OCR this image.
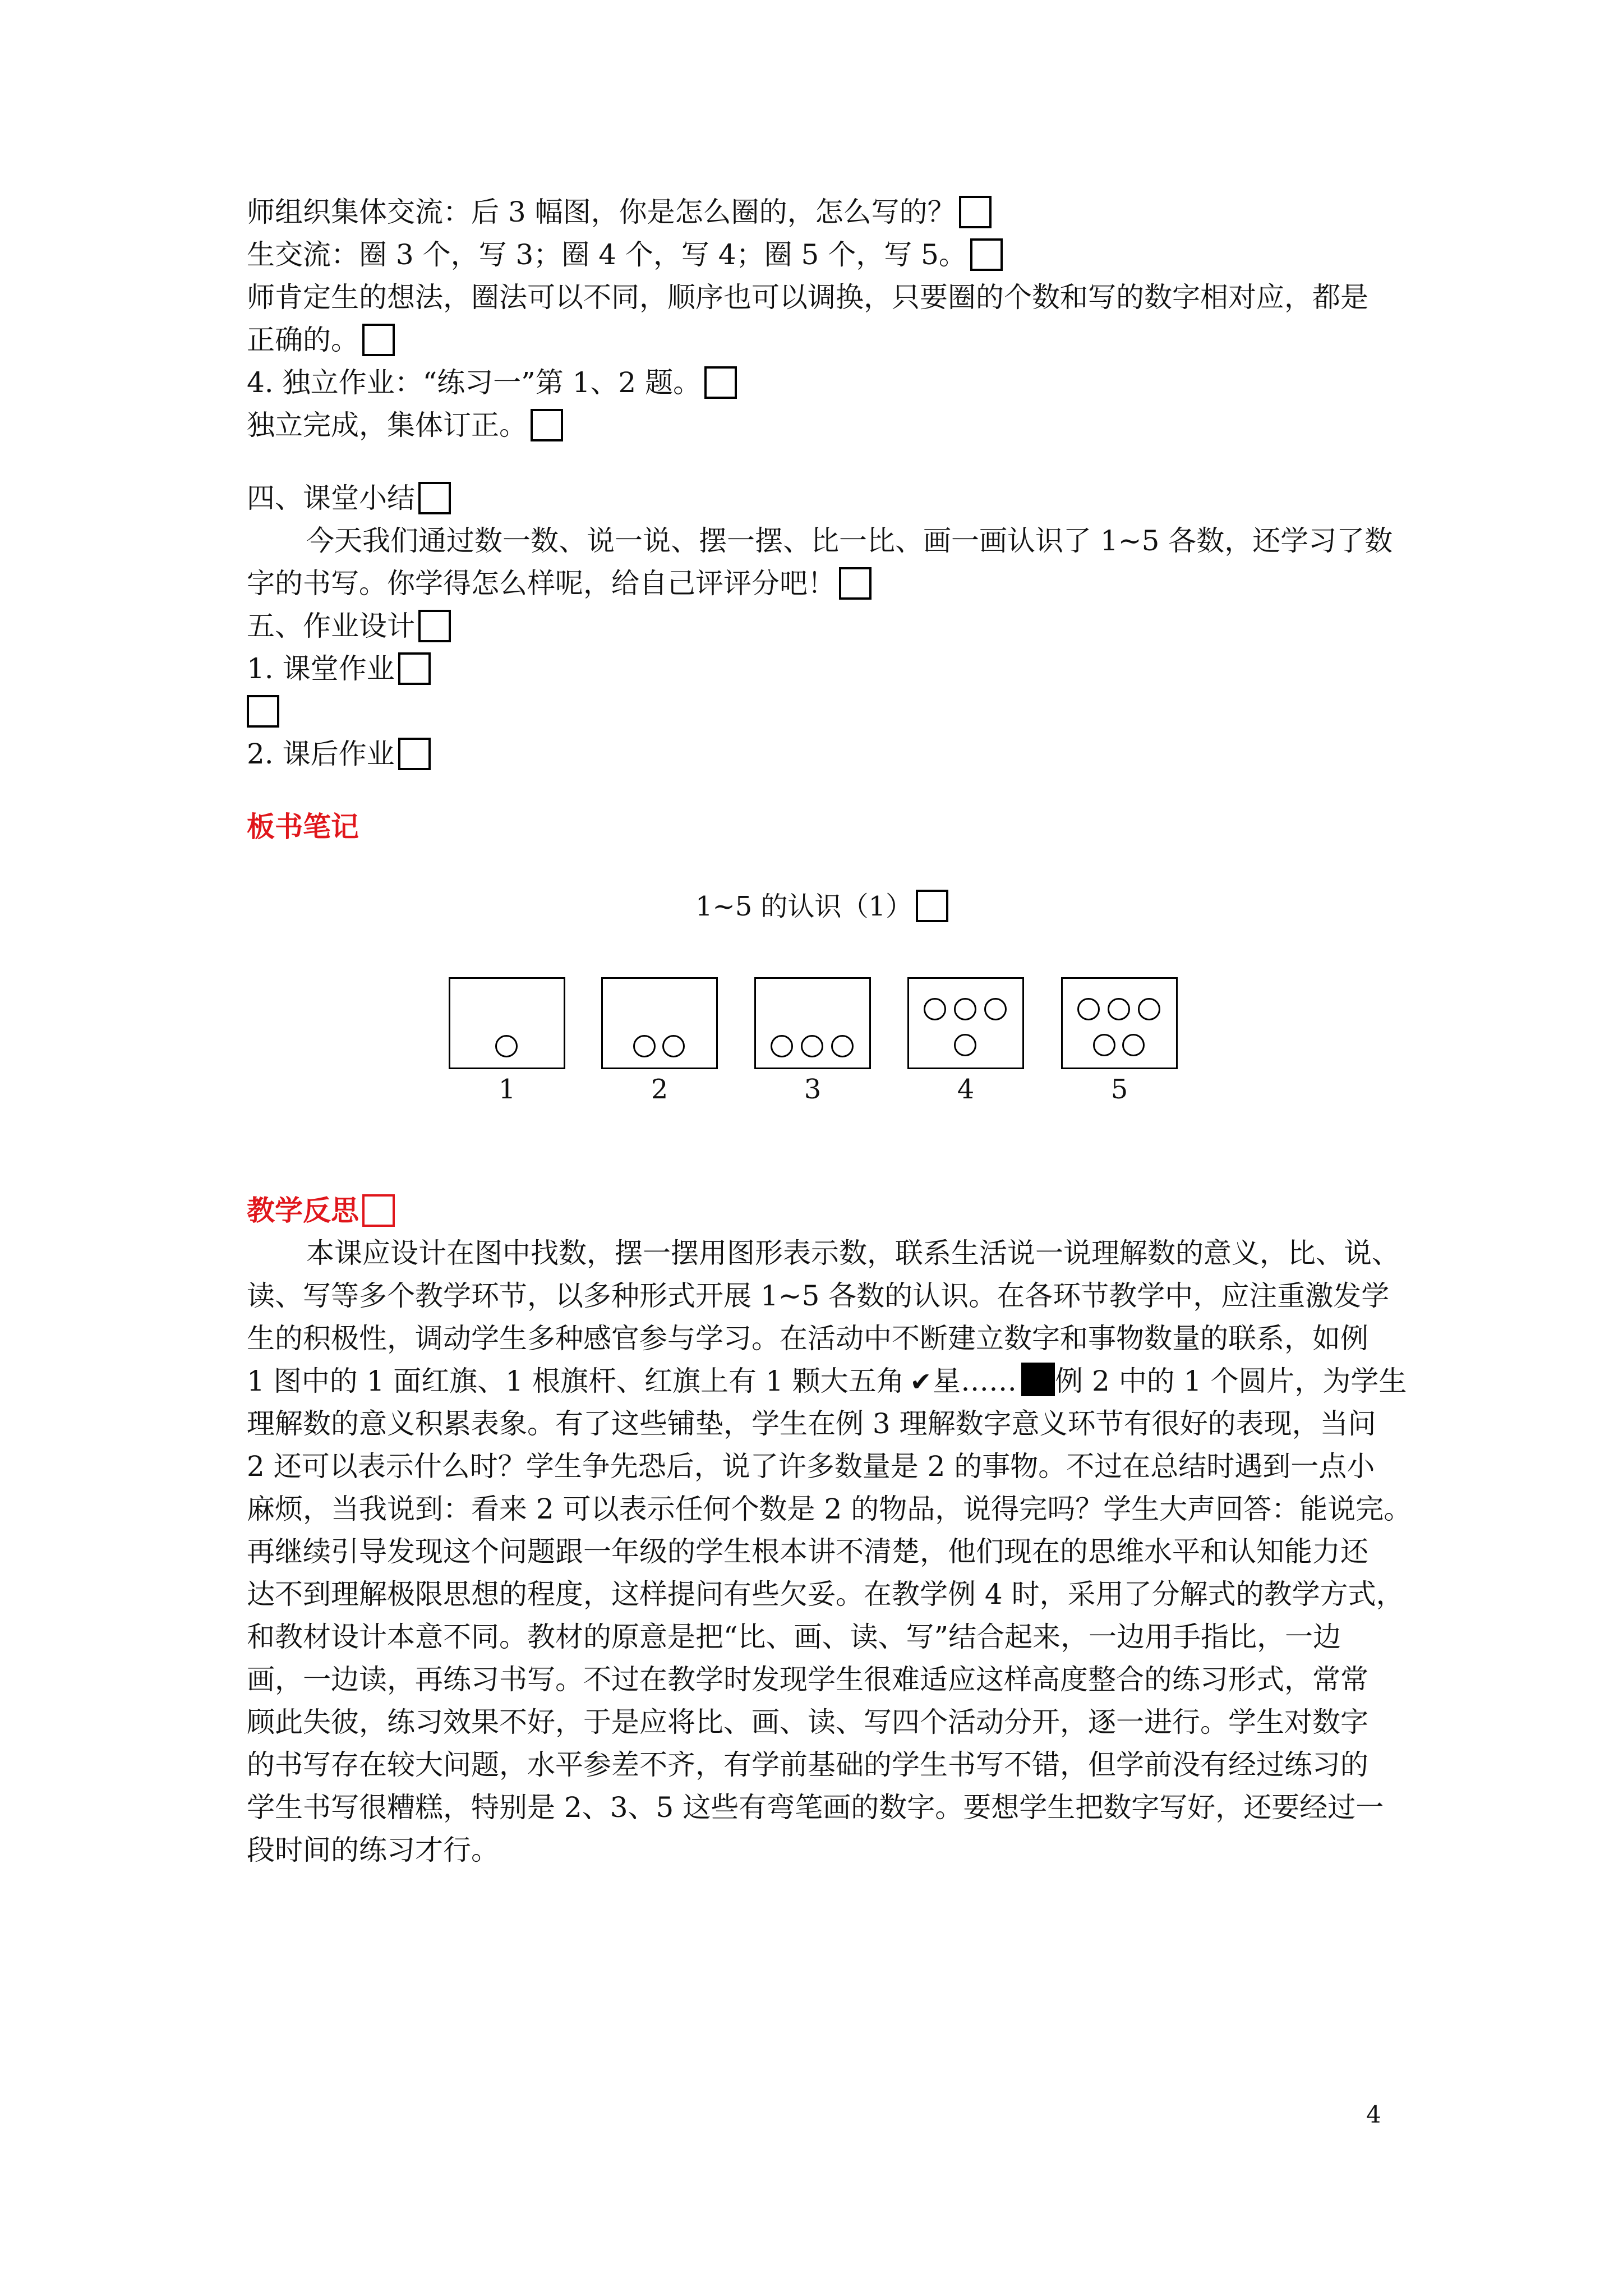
师组织集体交流：后 3 幅图，你是怎么圈的，怎么写的？
生交流：圈 3 个，写 3；圈 4 个，写 4；圈 5 个，写 5。
师肯定生的想法，圈法可以不同，顺序也可以调换，只要圈的个数和写的数字相对应，都是
正确的。
4. 独立作业：“练习一”第 1、2 题。
独立完成，集体订正。
四、课堂小结
今天我们通过数一数、说一说、摆一摆、比一比、画一画认识了 1~5 各数，还学习了数
字的书写。你学得怎么样呢，给自己评评分吧！
五、作业设计
1. 课堂作业
2. 课后作业
板书笔记
1~5 的认识（1）
1	2	3	4	5
教学反思
本课应设计在图中找数，摆一摆用图形表示数，联系生活说一说理解数的意义，比、说、
读、写等多个教学环节，以多种形式开展 1~5 各数的认识。在各环节教学中，应注重激发学
生的积极性，调动学生多种感官参与学习。在活动中不断建立数字和事物数量的联系，如例
1 图中的 1 面红旗、1 根旗杆、红旗上有 1 颗大五角 ✔星…… 例 2 中的 1 个圆片，为学生
理解数的意义积累表象。有了这些铺垫，学生在例 3 理解数字意义环节有很好的表现，当问
2 还可以表示什么时？学生争先恐后，说了许多数量是 2 的事物。不过在总结时遇到一点小
麻烦，当我说到：看来 2 可以表示任何个数是 2 的物品，说得完吗？学生大声回答：能说完。
再继续引导发现这个问题跟一年级的学生根本讲不清楚，他们现在的思维水平和认知能力还
达不到理解极限思想的程度，这样提问有些欠妥。在教学例 4 时，采用了分解式的教学方式，
和教材设计本意不同。教材的原意是把“比、画、读、写”结合起来，一边用手指比，一边
画，一边读，再练习书写。不过在教学时发现学生很难适应这样高度整合的练习形式，常常
顾此失彼，练习效果不好，于是应将比、画、读、写四个活动分开，逐一进行。学生对数字
的书写存在较大问题，水平参差不齐，有学前基础的学生书写不错，但学前没有经过练习的
学生书写很糟糕，特别是 2、3、5 这些有弯笔画的数字。要想学生把数字写好，还要经过一
段时间的练习才行。
4
